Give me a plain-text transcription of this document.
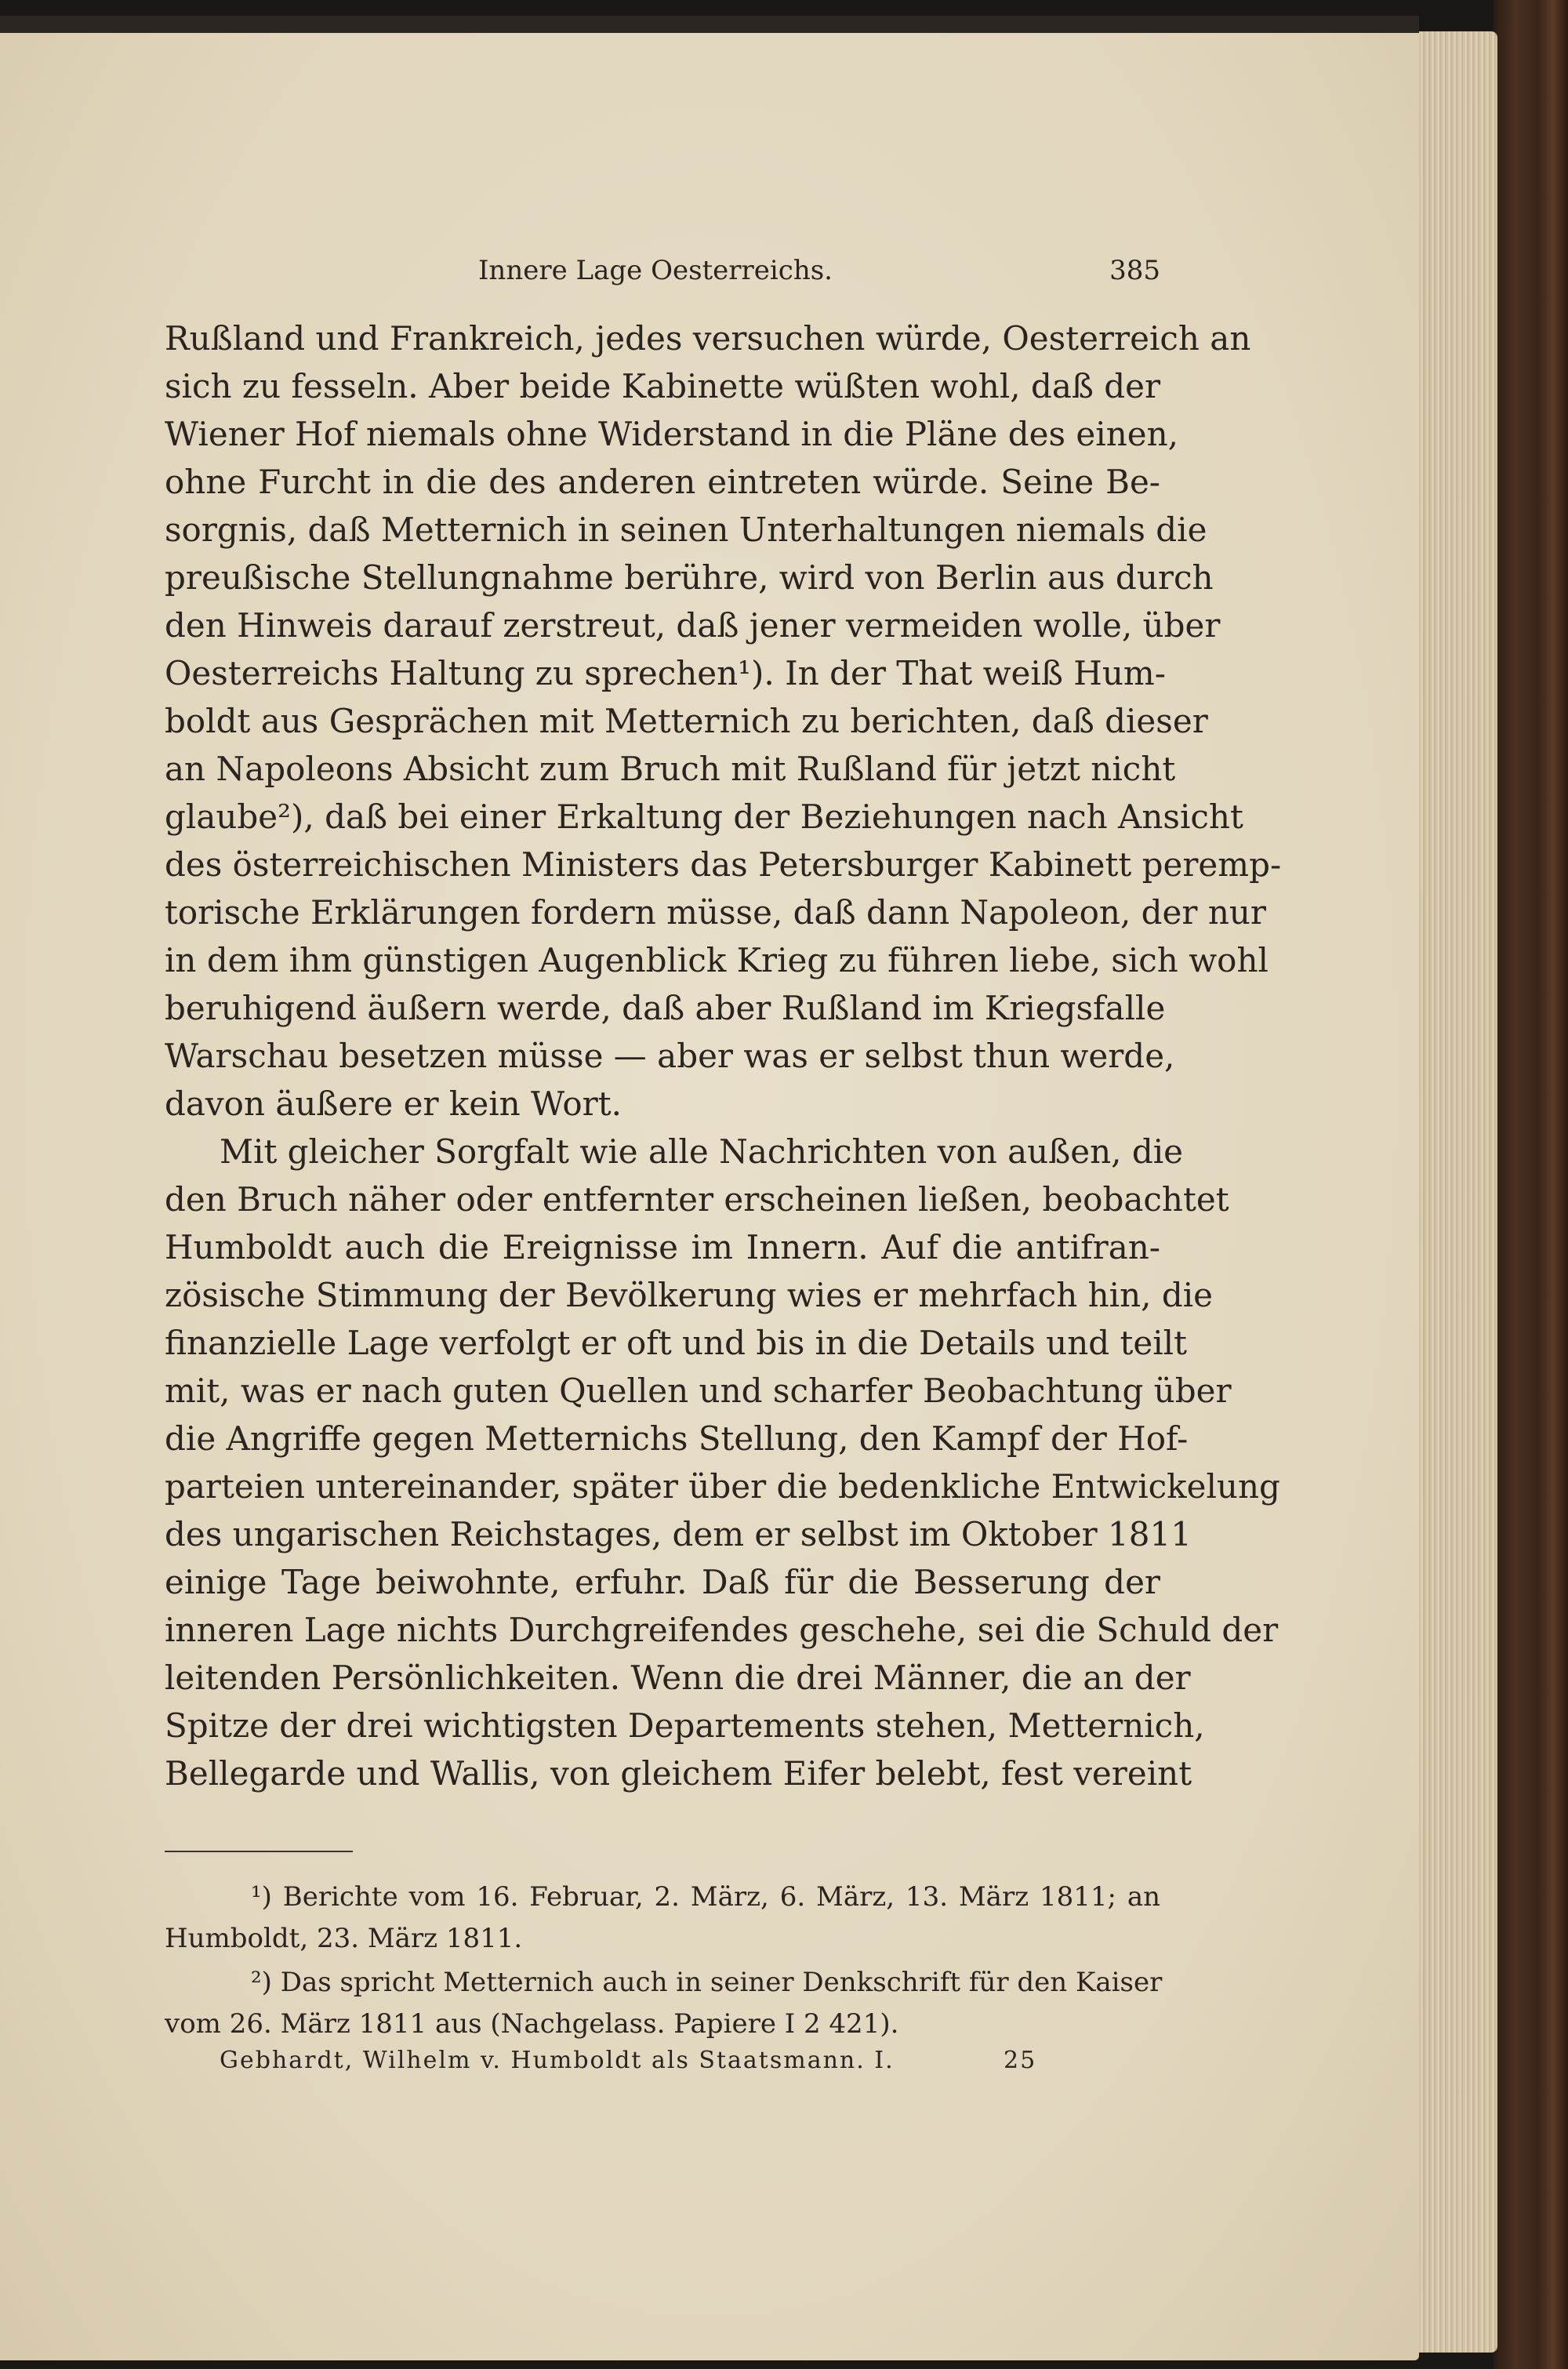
Innere Lage Oesterreichs.	385
Rußland und Frankreich, jedes versuchen würde, Oesterreich an
sich zu fesseln. Aber beide Kabinette wüßten wohl, daß der
Wiener Hof niemals ohne Widerstand in die Pläne des einen,
ohne Furcht in die des anderen eintreten würde. Seine Be-
sorgnis, daß Metternich in seinen Unterhaltungen niemals die
preußische Stellungnahme berühre, wird von Berlin aus durch
den Hinweis darauf zerstreut, daß jener vermeiden wolle, über
Oesterreichs Haltung zu sprechen¹). In der That weiß Hum-
boldt aus Gesprächen mit Metternich zu berichten, daß dieser
an Napoleons Absicht zum Bruch mit Rußland für jetzt nicht
glaube²), daß bei einer Erkaltung der Beziehungen nach Ansicht
des österreichischen Ministers das Petersburger Kabinett peremp-
torische Erklärungen fordern müsse, daß dann Napoleon, der nur
in dem ihm günstigen Augenblick Krieg zu führen liebe, sich wohl
beruhigend äußern werde, daß aber Rußland im Kriegsfalle
Warschau besetzen müsse — aber was er selbst thun werde,
davon äußere er kein Wort.
Mit gleicher Sorgfalt wie alle Nachrichten von außen, die
den Bruch näher oder entfernter erscheinen ließen, beobachtet
Humboldt auch die Ereignisse im Innern. Auf die antifran-
zösische Stimmung der Bevölkerung wies er mehrfach hin, die
finanzielle Lage verfolgt er oft und bis in die Details und teilt
mit, was er nach guten Quellen und scharfer Beobachtung über
die Angriffe gegen Metternichs Stellung, den Kampf der Hof-
parteien untereinander, später über die bedenkliche Entwickelung
des ungarischen Reichstages, dem er selbst im Oktober 1811
einige Tage beiwohnte, erfuhr. Daß für die Besserung der
inneren Lage nichts Durchgreifendes geschehe, sei die Schuld der
leitenden Persönlichkeiten. Wenn die drei Männer, die an der
Spitze der drei wichtigsten Departements stehen, Metternich,
Bellegarde und Wallis, von gleichem Eifer belebt, fest vereint
¹) Berichte vom 16. Februar, 2. März, 6. März, 13. März 1811; an
Humboldt, 23. März 1811.
²) Das spricht Metternich auch in seiner Denkschrift für den Kaiser
vom 26. März 1811 aus (Nachgelass. Papiere I 2 421).
Gebhardt, Wilhelm v. Humboldt als Staatsmann. I.	25
